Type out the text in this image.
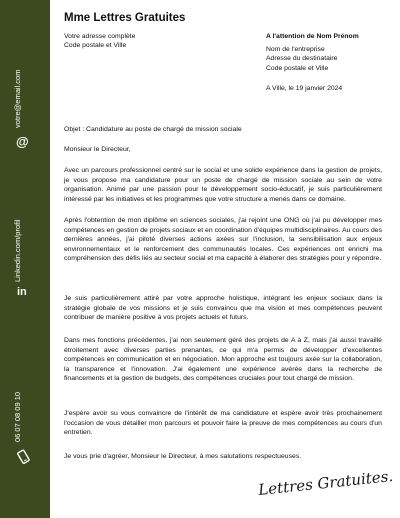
votre@email.com
@
Linkedin.com/profil
in
06 07 08 09 10
Mme Lettres Gratuites
Votre adresse complète
Code postale et Ville
A l'attention de Nom Prénom
Nom de l'entreprise
Adresse du destinataire
Code postale et Ville
A Ville, le 19 janvier 2024
Objet : Candidature au poste de chargé de mission sociale
Monsieur le Directeur,
Avec un parcours professionnel centré sur le social et une solide expérience dans la gestion de projets, je vous propose ma candidature pour un poste de chargé de mission sociale au sein de votre organisation. Animé par une passion pour le développement socio-éducatif, je suis particulièrement intéressé par les initiatives et les programmes que votre structure a menés dans ce domaine.
Après l'obtention de mon diplôme en sciences sociales, j'ai rejoint une ONG où j'ai pu développer mes compétences en gestion de projets sociaux et en coordination d'équipes multidisciplinaires. Au cours des dernières années, j'ai piloté diverses actions axées sur l'inclusion, la sensibilisation aux enjeux environnementaux et le renforcement des communautés locales. Ces expériences ont enrichi ma compréhension des défis liés au secteur social et ma capacité à élaborer des stratégies pour y répondre.
Je suis particulièrement attiré par votre approche holistique, intégrant les enjeux sociaux dans la stratégie globale de vos missions et je suis convaincu que ma vision et mes compétences peuvent contribuer de manière positive à vos projets actuels et futurs.
Dans mes fonctions précédentes, j'ai non seulement géré des projets de A à Z, mais j'ai aussi travaillé étroitement avec diverses parties prenantes, ce qui m'a permis de développer d'excellentes compétences en communication et en négociation. Mon approche est toujours axée sur la collaboration, la transparence et l'innovation. J'ai également une expérience avérée dans la recherche de financements et la gestion de budgets, des compétences cruciales pour tout chargé de mission.
J'espère avoir su vous convaincre de l'intérêt de ma candidature et espère avoir très prochainement l'occasion de vous détailler mon parcours et pouvoir faire la preuve de mes compétences au cours d'un entretien.
Je vous prie d'agréer, Monsieur le Directeur, à mes salutations respectueuses.
Lettres Gratuites.
